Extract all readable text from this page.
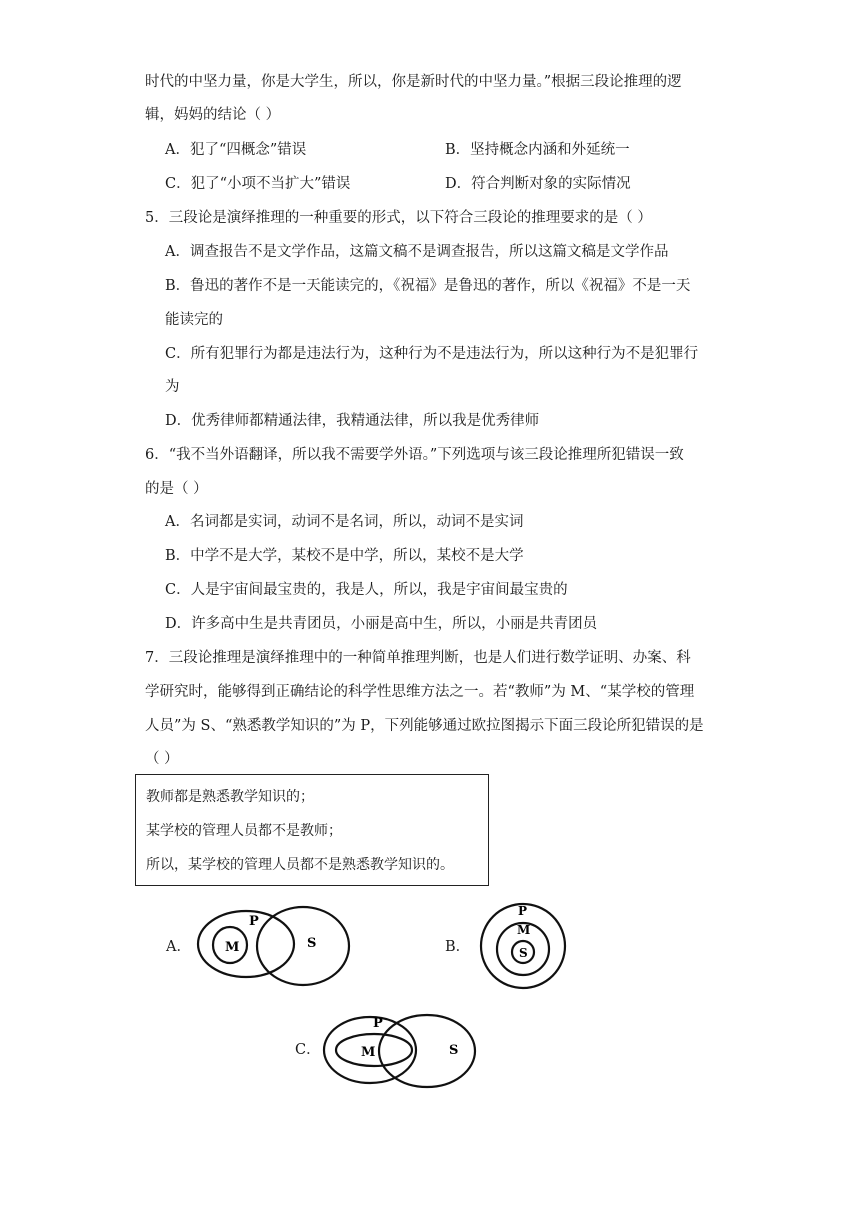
时代的中坚力量，你是大学生，所以，你是新时代的中坚力量。”根据三段论推理的逻
辑，妈妈的结论（ ）
A．犯了“四概念”错误	B．坚持概念内涵和外延统一
C．犯了“小项不当扩大”错误	D．符合判断对象的实际情况
5．三段论是演绎推理的一种重要的形式，以下符合三段论的推理要求的是（ ）
A．调查报告不是文学作品，这篇文稿不是调查报告，所以这篇文稿是文学作品
B．鲁迅的著作不是一天能读完的，《祝福》是鲁迅的著作，所以《祝福》不是一天
能读完的
C．所有犯罪行为都是违法行为，这种行为不是违法行为，所以这种行为不是犯罪行
为
D．优秀律师都精通法律，我精通法律，所以我是优秀律师
6．“我不当外语翻译，所以我不需要学外语。”下列选项与该三段论推理所犯错误一致
的是（ ）
A．名词都是实词，动词不是名词，所以，动词不是实词
B．中学不是大学，某校不是中学，所以，某校不是大学
C．人是宇宙间最宝贵的，我是人，所以，我是宇宙间最宝贵的
D．许多高中生是共青团员，小丽是高中生，所以，小丽是共青团员
7．三段论推理是演绎推理中的一种简单推理判断，也是人们进行数学证明、办案、科
学研究时，能够得到正确结论的科学性思维方法之一。若“教师”为 M、“某学校的管理
人员”为 S、“熟悉教学知识的”为 P，下列能够通过欧拉图揭示下面三段论所犯错误的是
（ ）
教师都是熟悉教学知识的；
某学校的管理人员都不是教师；
所以，某学校的管理人员都不是熟悉教学知识的。
A．
P
M	S	B．
P
M
S
C．
P
M	S
